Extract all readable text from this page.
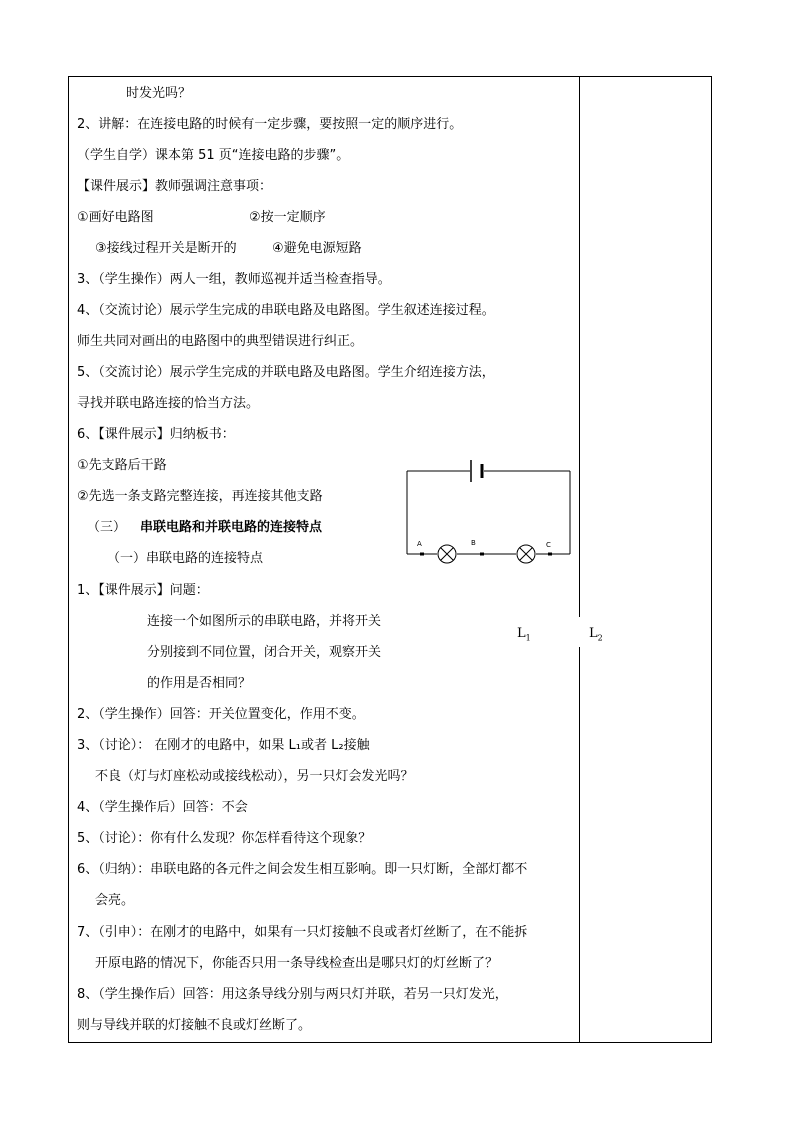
时发光吗？
2、讲解：在连接电路的时候有一定步骤，要按照一定的顺序进行。
（学生自学）课本第 51 页“连接电路的步骤”。
【课件展示】教师强调注意事项：
①画好电路图	②按一定顺序
③接线过程开关是断开的	④避免电源短路
3、（学生操作）两人一组，教师巡视并适当检查指导。
4、（交流讨论）展示学生完成的串联电路及电路图。学生叙述连接过程。
师生共同对画出的电路图中的典型错误进行纠正。
5、（交流讨论）展示学生完成的并联电路及电路图。学生介绍连接方法，
寻找并联电路连接的恰当方法。
6、【课件展示】归纳板书：
①先支路后干路
②先选一条支路完整连接，再连接其他支路
（三） 串联电路和并联电路的连接特点
（一）串联电路的连接特点
1、【课件展示】问题：
连接一个如图所示的串联电路，并将开关
分别接到不同位置，闭合开关，观察开关
的作用是否相同？
2、（学生操作）回答：开关位置变化，作用不变。
3、（讨论）： 在刚才的电路中，如果 L₁或者 L₂接触
不良（灯与灯座松动或接线松动），另一只灯会发光吗？
4、（学生操作后）回答：不会
5、（讨论）：你有什么发现？你怎样看待这个现象？
6、（归纳）：串联电路的各元件之间会发生相互影响。即一只灯断，全部灯都不
会亮。
7、（引申）：在刚才的电路中，如果有一只灯接触不良或者灯丝断了，在不能拆
开原电路的情况下，你能否只用一条导线检查出是哪只灯的灯丝断了？
8、（学生操作后）回答：用这条导线分别与两只灯并联，若另一只灯发光，
则与导线并联的灯接触不良或灯丝断了。
A	B	C
$L_1$	$L_2$
